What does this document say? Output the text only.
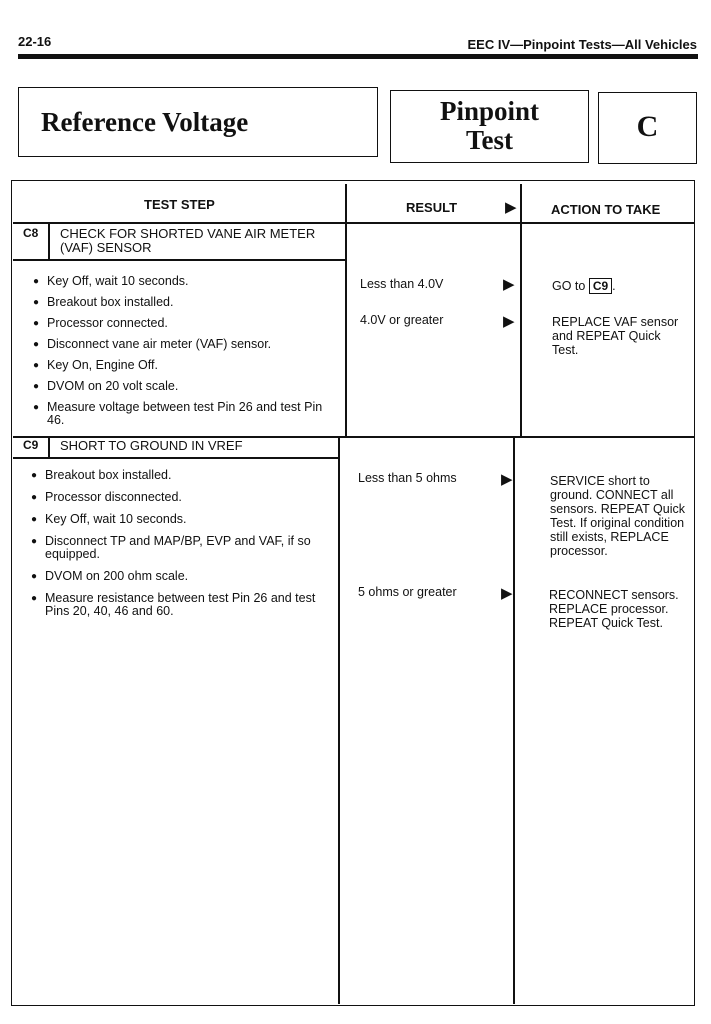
22-16	EEC IV—Pinpoint Tests—All Vehicles
Reference Voltage	Pinpoint
Test	C
TEST STEP	RESULT	▶	ACTION TO TAKE
C8 CHECK FOR SHORTED VANE AIR METER (VAF) SENSOR
● Key Off, wait 10 seconds.
● Breakout box installed.
● Processor connected.
● Disconnect vane air meter (VAF) sensor.
● Key On, Engine Off.
● DVOM on 20 volt scale.
● Measure voltage between test Pin 26 and test Pin 46.
Less than 4.0V	▶	GO to C9 .
4.0V or greater	▶	REPLACE VAF sensor and REPEAT Quick Test.
C9 SHORT TO GROUND IN VREF
● Breakout box installed.
● Processor disconnected.
● Key Off, wait 10 seconds.
● Disconnect TP and MAP/BP, EVP and VAF, if so equipped.
● DVOM on 200 ohm scale.
● Measure resistance between test Pin 26 and test Pins 20, 40, 46 and 60.
Less than 5 ohms	▶	SERVICE short to ground. CONNECT all sensors. REPEAT Quick Test. If original condition still exists, REPLACE processor.
5 ohms or greater	▶	RECONNECT sensors. REPLACE processor. REPEAT Quick Test.
